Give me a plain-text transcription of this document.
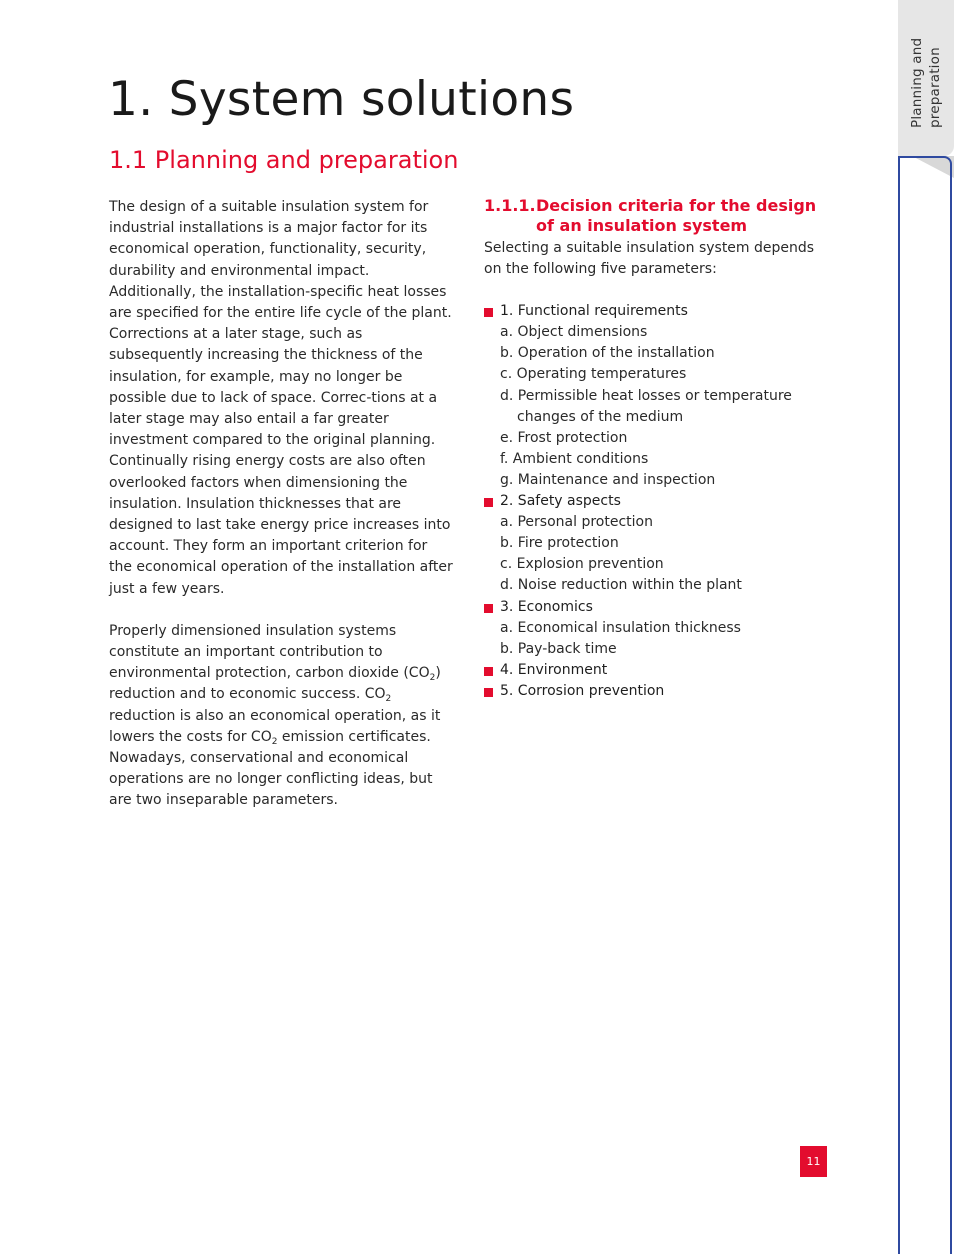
Planning and preparation
1. System solutions
1.1 Planning and preparation

The design of a suitable insulation system for industrial installations is a major factor for its economical operation, functionality, security, durability and environmental impact. Additionally, the installation-specific heat losses are specified for the entire life cycle of the plant. Corrections at a later stage, such as subsequently increasing the thickness of the insulation, for example, may no longer be possible due to lack of space. Correc-tions at a later stage may also entail a far greater investment compared to the original planning. Continually rising energy costs are also often overlooked factors when dimensioning the insulation. Insulation thicknesses that are designed to last take energy price increases into account. They form an important criterion for the economical operation of the installation after just a few years.

Properly dimensioned insulation systems constitute an important contribution to environmental protection, carbon dioxide $(CO_2)$ reduction and to economic success. $CO_2$ reduction is also an economical operation, as it lowers the costs for $CO_2$ emission certificates.

Nowadays, conservational and economical operations are no longer conflicting ideas, but are two inseparable parameters.

1.1.1. Decision criteria for the design of an insulation system

Selecting a suitable insulation system depends on the following five parameters:

1. Functional requirements
a. Object dimensions
b. Operation of the installation
c. Operating temperatures
d. Permissible heat losses or temperature changes of the medium
e. Frost protection
f. Ambient conditions
g. Maintenance and inspection
2. Safety aspects
a. Personal protection
b. Fire protection
c. Explosion prevention
d. Noise reduction within the plant
3. Economics
a. Economical insulation thickness
b. Pay-back time
4. Environment
5. Corrosion prevention
11
